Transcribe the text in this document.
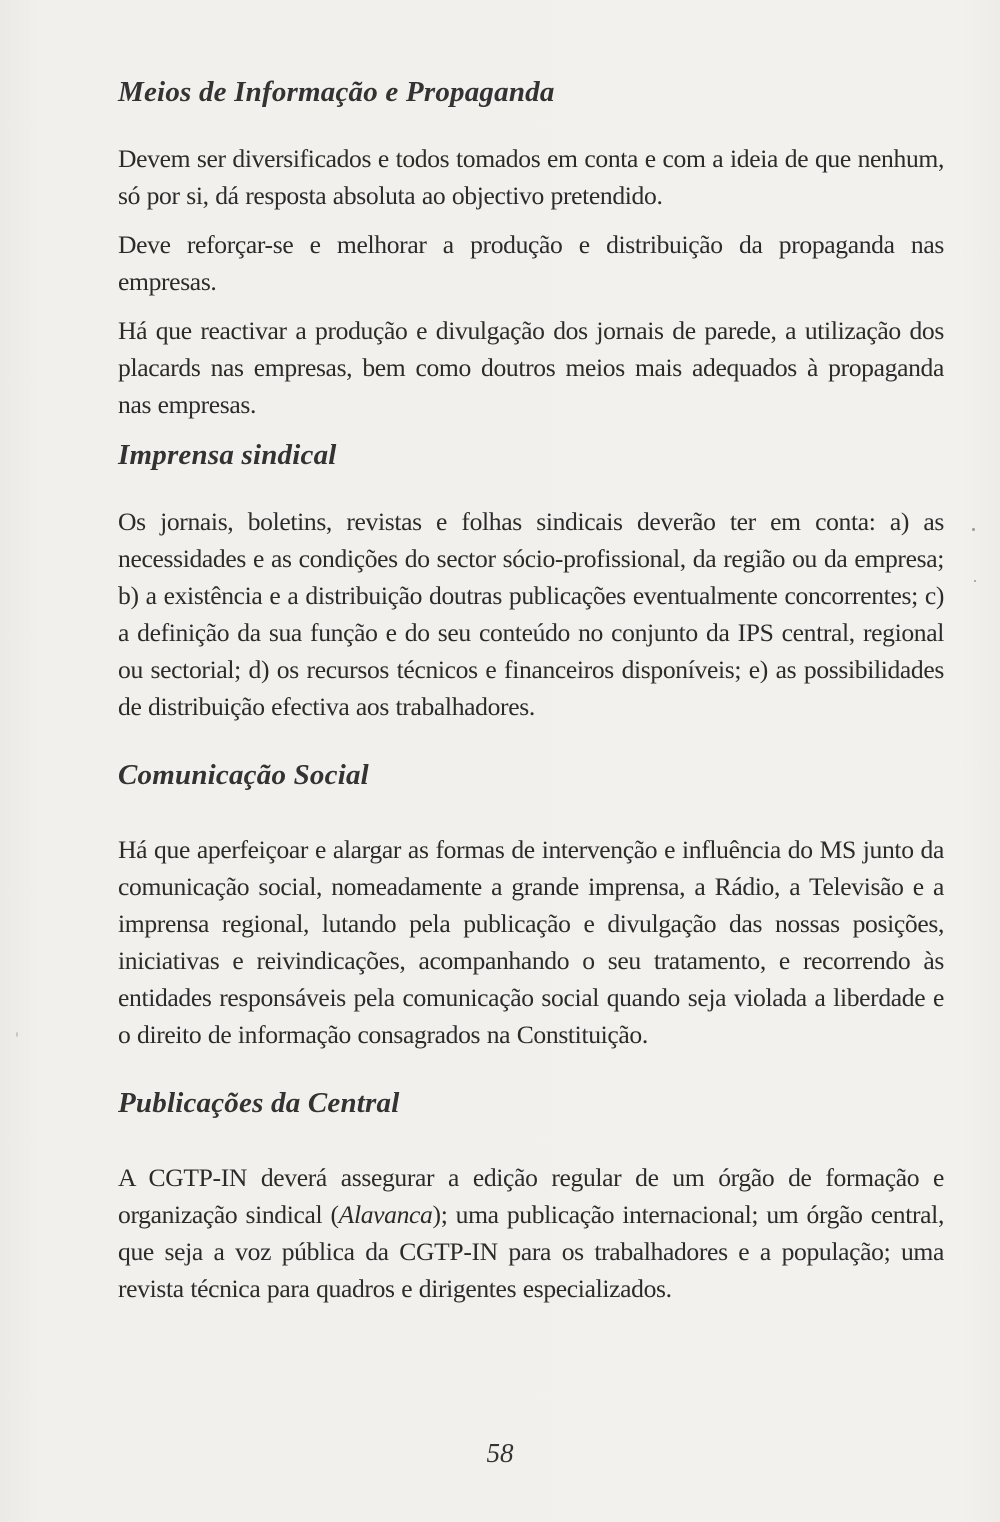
Meios de Informação e Propaganda

Devem ser diversificados e todos tomados em conta e com a ideia de que nenhum, só por si, dá resposta absoluta ao objectivo pretendido.

Deve reforçar-se e melhorar a produção e distribuição da propaganda nas empresas.

Há que reactivar a produção e divulgação dos jornais de parede, a utilização dos placards nas empresas, bem como doutros meios mais adequados à propaganda nas empresas.

Imprensa sindical

Os jornais, boletins, revistas e folhas sindicais deverão ter em conta: a) as necessidades e as condições do sector sócio-profissional, da região ou da empresa; b) a existência e a distribuição doutras publicações eventualmente concorrentes; c) a definição da sua função e do seu conteúdo no conjunto da IPS central, regional ou sectorial; d) os recursos técnicos e financeiros disponíveis; e) as possibilidades de distribuição efectiva aos trabalhadores.

Comunicação Social

Há que aperfeiçoar e alargar as formas de intervenção e influência do MS junto da comunicação social, nomeadamente a grande imprensa, a Rádio, a Televisão e a imprensa regional, lutando pela publicação e divulgação das nossas posições, iniciativas e reivindicações, acompanhando o seu tratamento, e recorrendo às entidades responsáveis pela comunicação social quando seja violada a liberdade e o direito de informação consagrados na Constituição.

Publicações da Central

A CGTP-IN deverá assegurar a edição regular de um órgão de formação e organização sindical (Alavanca); uma publicação internacional; um órgão central, que seja a voz pública da CGTP-IN para os trabalhadores e a população; uma revista técnica para quadros e dirigentes especializados.

58
